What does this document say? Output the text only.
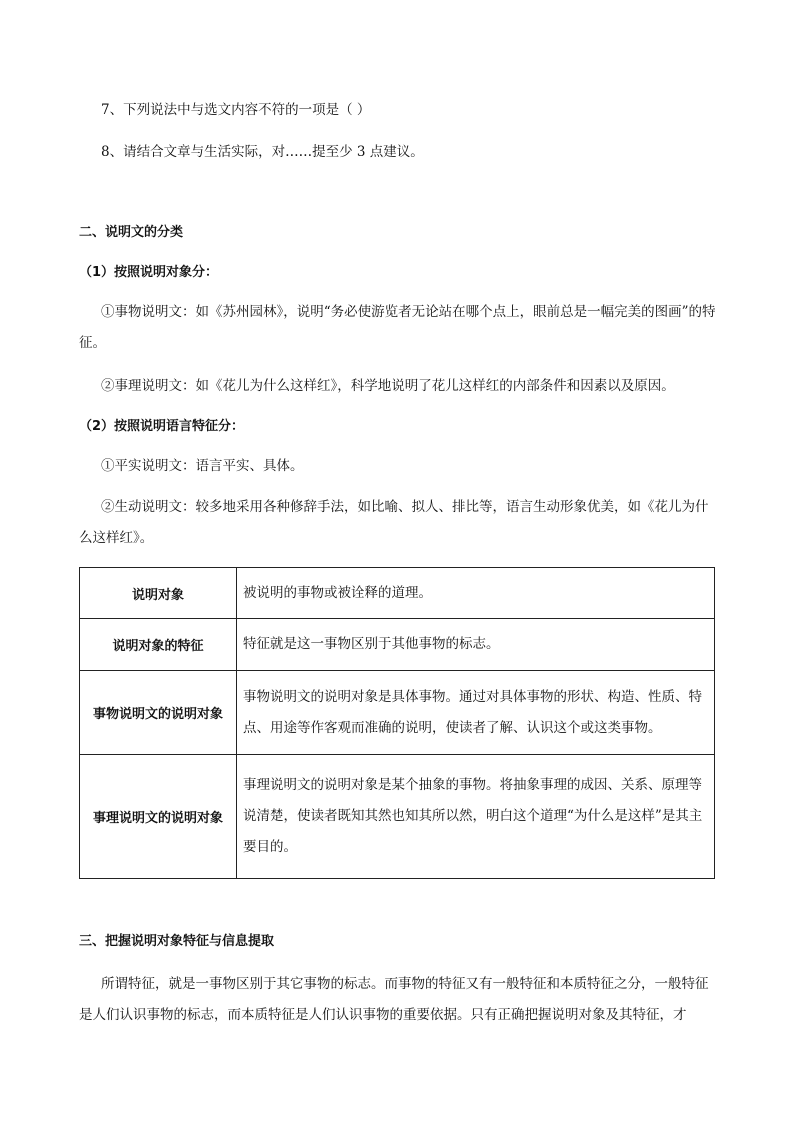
7、下列说法中与选文内容不符的一项是（ ）

8、请结合文章与生活实际，对……提至少 3 点建议。

二、说明文的分类

（1）按照说明对象分：

①事物说明文：如《苏州园林》，说明“务必使游览者无论站在哪个点上，眼前总是一幅完美的图画”的特征。

②事理说明文：如《花儿为什么这样红》，科学地说明了花儿这样红的内部条件和因素以及原因。

（2）按照说明语言特征分：

①平实说明文：语言平实、具体。

②生动说明文：较多地采用各种修辞手法，如比喻、拟人、排比等，语言生动形象优美，如《花儿为什么这样红》。

说明对象	被说明的事物或被诠释的道理。
说明对象的特征	特征就是这一事物区别于其他事物的标志。
事物说明文的说明对象	事物说明文的说明对象是具体事物。通过对具体事物的形状、构造、性质、特点、用途等作客观而准确的说明，使读者了解、认识这个或这类事物。
事理说明文的说明对象	事理说明文的说明对象是某个抽象的事物。将抽象事理的成因、关系、原理等说清楚，使读者既知其然也知其所以然，明白这个道理“为什么是这样”是其主要目的。

三、把握说明对象特征与信息提取

所谓特征，就是一事物区别于其它事物的标志。而事物的特征又有一般特征和本质特征之分，一般特征是人们认识事物的标志，而本质特征是人们认识事物的重要依据。只有正确把握说明对象及其特征，才
